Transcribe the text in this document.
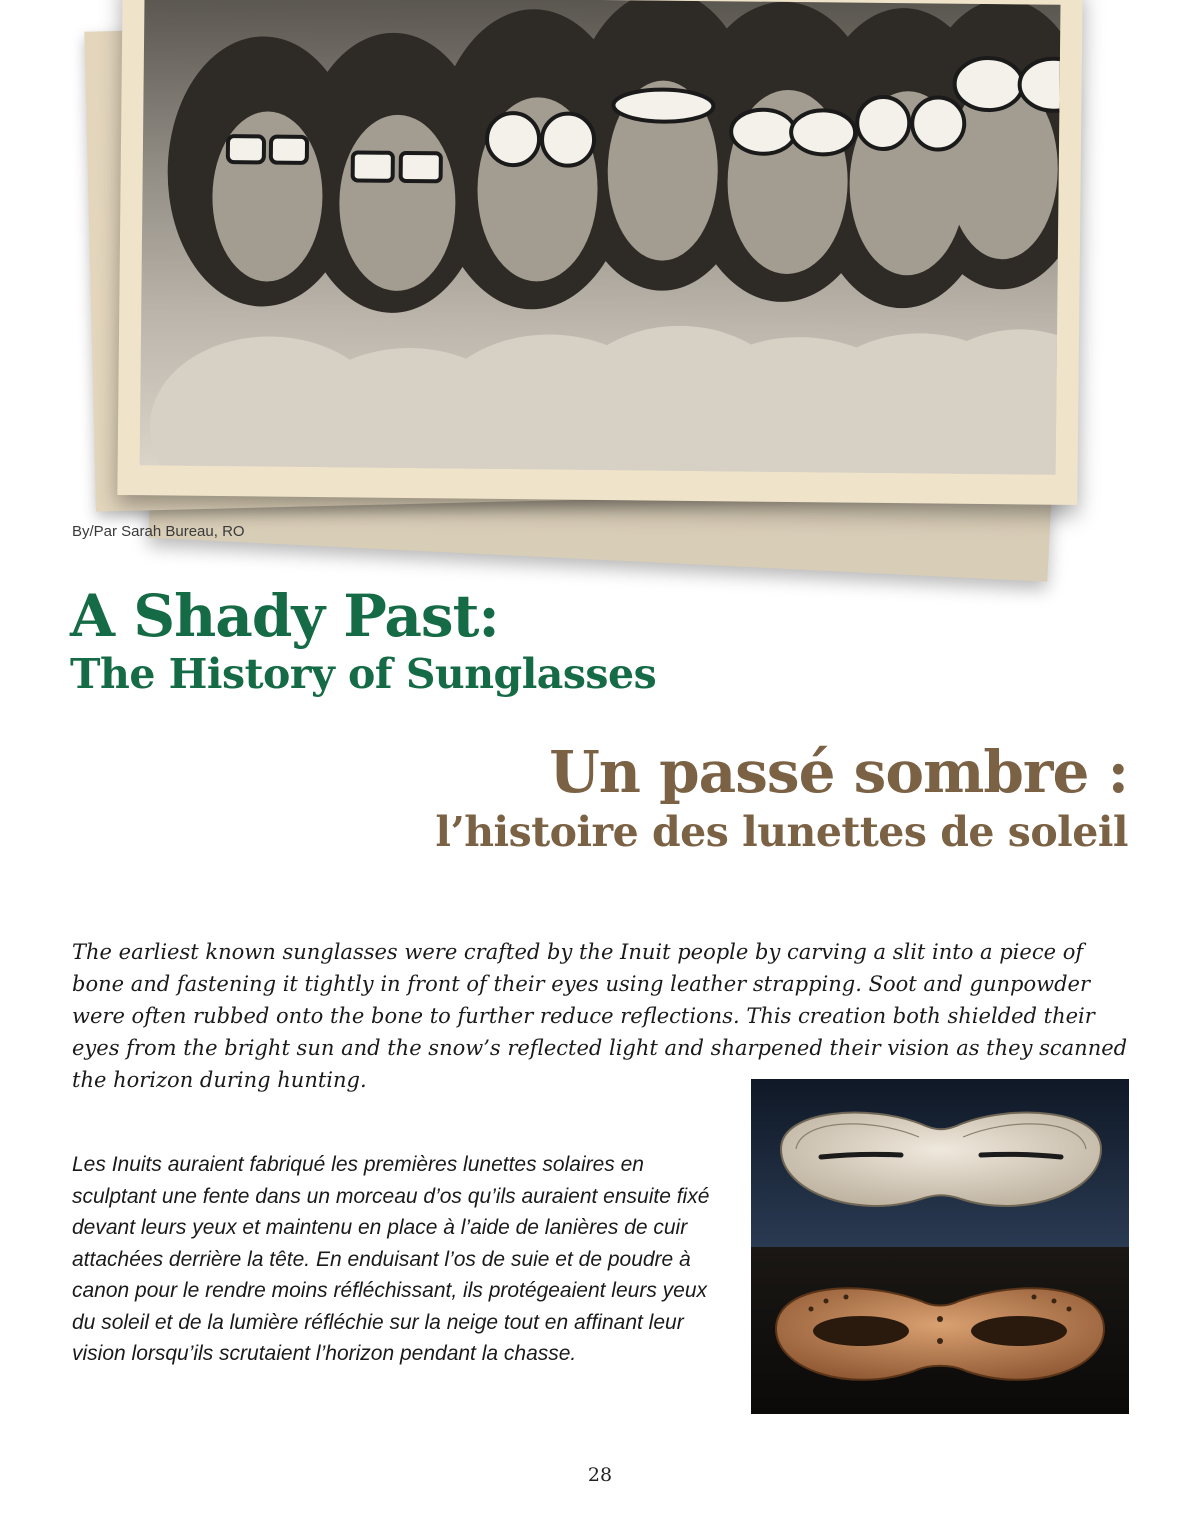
By/Par Sarah Bureau, RO
A Shady Past:
The History of Sunglasses
Un passé sombre :
l’histoire des lunettes de soleil

The earliest known sunglasses were crafted by the Inuit people by carving a slit into a piece of bone and fastening it tightly in front of their eyes using leather strapping. Soot and gunpowder were often rubbed onto the bone to further reduce reflections. This creation both shielded their eyes from the bright sun and the snow’s reflected light and sharpened their vision as they scanned the horizon during hunting.

Les Inuits auraient fabriqué les premières lunettes solaires en sculptant une fente dans un morceau d’os qu’ils auraient ensuite fixé devant leurs yeux et maintenu en place à l’aide de lanières de cuir attachées derrière la tête. En enduisant l’os de suie et de poudre à canon pour le rendre moins réfléchissant, ils protégeaient leurs yeux du soleil et de la lumière réfléchie sur la neige tout en affinant leur vision lorsqu’ils scrutaient l’horizon pendant la chasse.

28
